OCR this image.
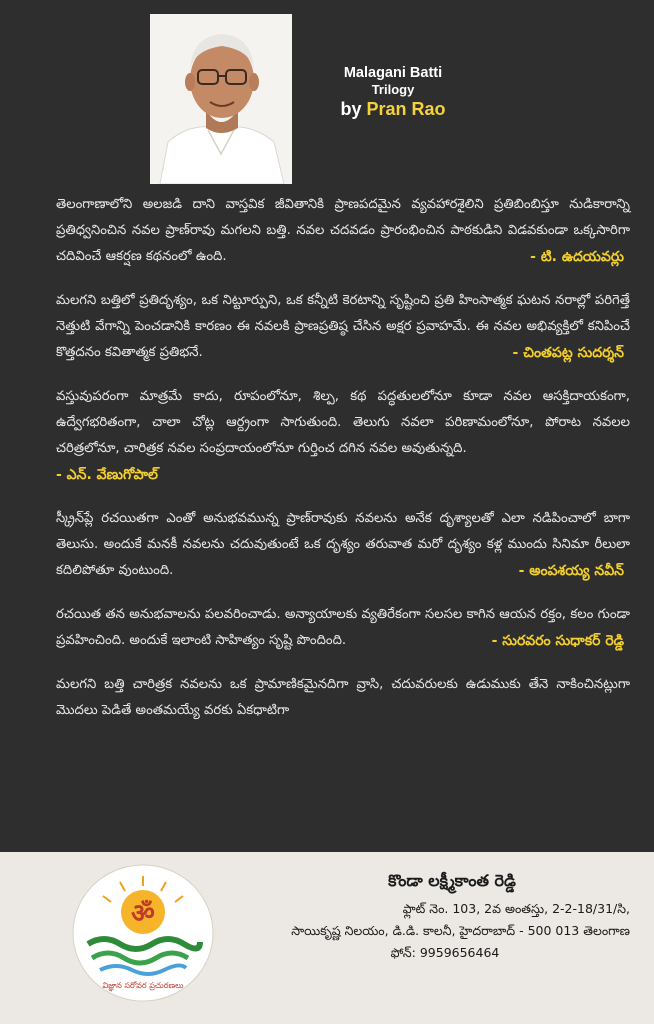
Malagani Batti
Trilogy
by Pran Rao
తెలంగాణాలోని అలజడి దాని వాస్తవిక జీవితానికి ప్రాణపదమైన వ్యవహారశైలిని ప్రతిబింబిస్తూ నుడికారాన్ని ప్రతిధ్వనించిన నవల ప్రాణ్‌రావు మగలని బత్తి. నవల చదవడం ప్రారంభించిన పాఠకుడిని విడవకుండా ఒక్కసారిగా చదివించే ఆకర్షణ కథనంలో ఉంది.	- టి. ఉదయవర్లు
మలగని బత్తిలో ప్రతిదృశ్యం, ఒక నిట్టూర్పుని, ఒక కన్నీటి కెరటాన్ని సృష్టించి ప్రతి హింసాత్మక ఘటన నరాల్లో పరిగెత్తే నెత్తుటి వేగాన్ని పెంచడానికి కారణం ఈ నవలకి ప్రాణప్రతిష్ఠ చేసిన అక్షర ప్రవాహమే. ఈ నవల అభివ్యక్తిలో కనిపించే కొత్తదనం కవితాత్మక ప్రతిభనే.	- చింతపట్ల సుదర్శన్
వస్తువుపరంగా మాత్రమే కాదు, రూపంలోనూ, శిల్ప, కథ పద్ధతులలోనూ కూడా నవల ఆసక్తిదాయకంగా, ఉద్వేగభరితంగా, చాలా చోట్ల ఆర్ద్రంగా సాగుతుంది. తెలుగు నవలా పరిణామంలోనూ, పోరాట నవలల చరిత్రలోనూ, చారిత్రక నవల సంప్రదాయంలోనూ గుర్తించ దగిన నవల అవుతున్నది.
- ఎన్. వేణుగోపాల్
స్క్రీన్‌ప్లే రచయితగా ఎంతో అనుభవమున్న ప్రాణ్‌రావుకు నవలను అనేక దృశ్యాలతో ఎలా నడిపించాలో బాగా తెలుసు. అందుకే మనకీ నవలను చదువుతుంటే ఒక దృశ్యం తరువాత మరో దృశ్యం కళ్ల ముందు సినిమా రీలులా కదిలిపోతూ వుంటుంది.	- అంపశయ్య నవీన్
రచయిత తన అనుభవాలను పలవరించాడు. అన్యాయాలకు వ్యతిరేకంగా సలసల కాగిన ఆయన రక్తం, కలం గుండా ప్రవహించింది. అందుకే ఇలాంటి సాహిత్యం సృష్టి పొందింది.	- సురవరం సుధాకర్ రెడ్డి
మలగని బత్తి చారిత్రక నవలను ఒక ప్రామాణికమైనదిగా వ్రాసి, చదువరులకు ఉడుముకు తేనె నాకించినట్లుగా మొదలు పెడితే అంతమయ్యే వరకు ఏకధాటిగా
ॐ
విజ్ఞాన సరోవర ప్రచురణలు
కొండా లక్ష్మీకాంత రెడ్డి
ఫ్లాట్ నెం. 103, 2వ అంతస్తు, 2-2-18/31/సి,
సాయికృష్ణ నిలయం, డి.డి. కాలనీ, హైదరాబాద్ - 500 013 తెలంగాణ
ఫోన్: 9959656464
